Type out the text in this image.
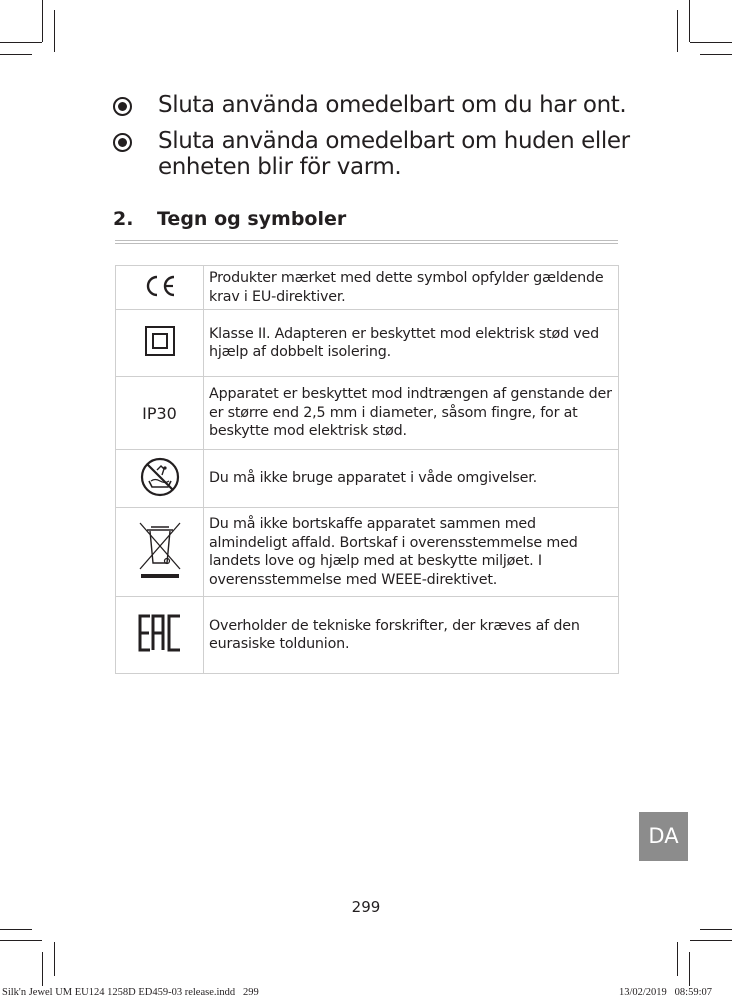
Sluta använda omedelbart om du har ont.
Sluta använda omedelbart om huden eller enheten blir för varm.
2. Tegn og symboler
	Produkter mærket med dette symbol opfylder gældende krav i EU-direktiver.
	Klasse II. Adapteren er beskyttet mod elektrisk stød ved hjælp af dobbelt isolering.
IP30	Apparatet er beskyttet mod indtrængen af genstande der er større end 2,5 mm i diameter, såsom fingre, for at beskytte mod elektrisk stød.
	Du må ikke bruge apparatet i våde omgivelser.
	Du må ikke bortskaffe apparatet sammen med almindeligt affald. Bortskaf i overensstemmelse med landets love og hjælp med at beskytte miljøet. I overensstemmelse med WEEE-direktivet.
	Overholder de tekniske forskrifter, der kræves af den eurasiske toldunion.
DA
299
Silk'n Jewel UM EU124 1258D ED459-03 release.indd   299	13/02/2019   08:59:07
